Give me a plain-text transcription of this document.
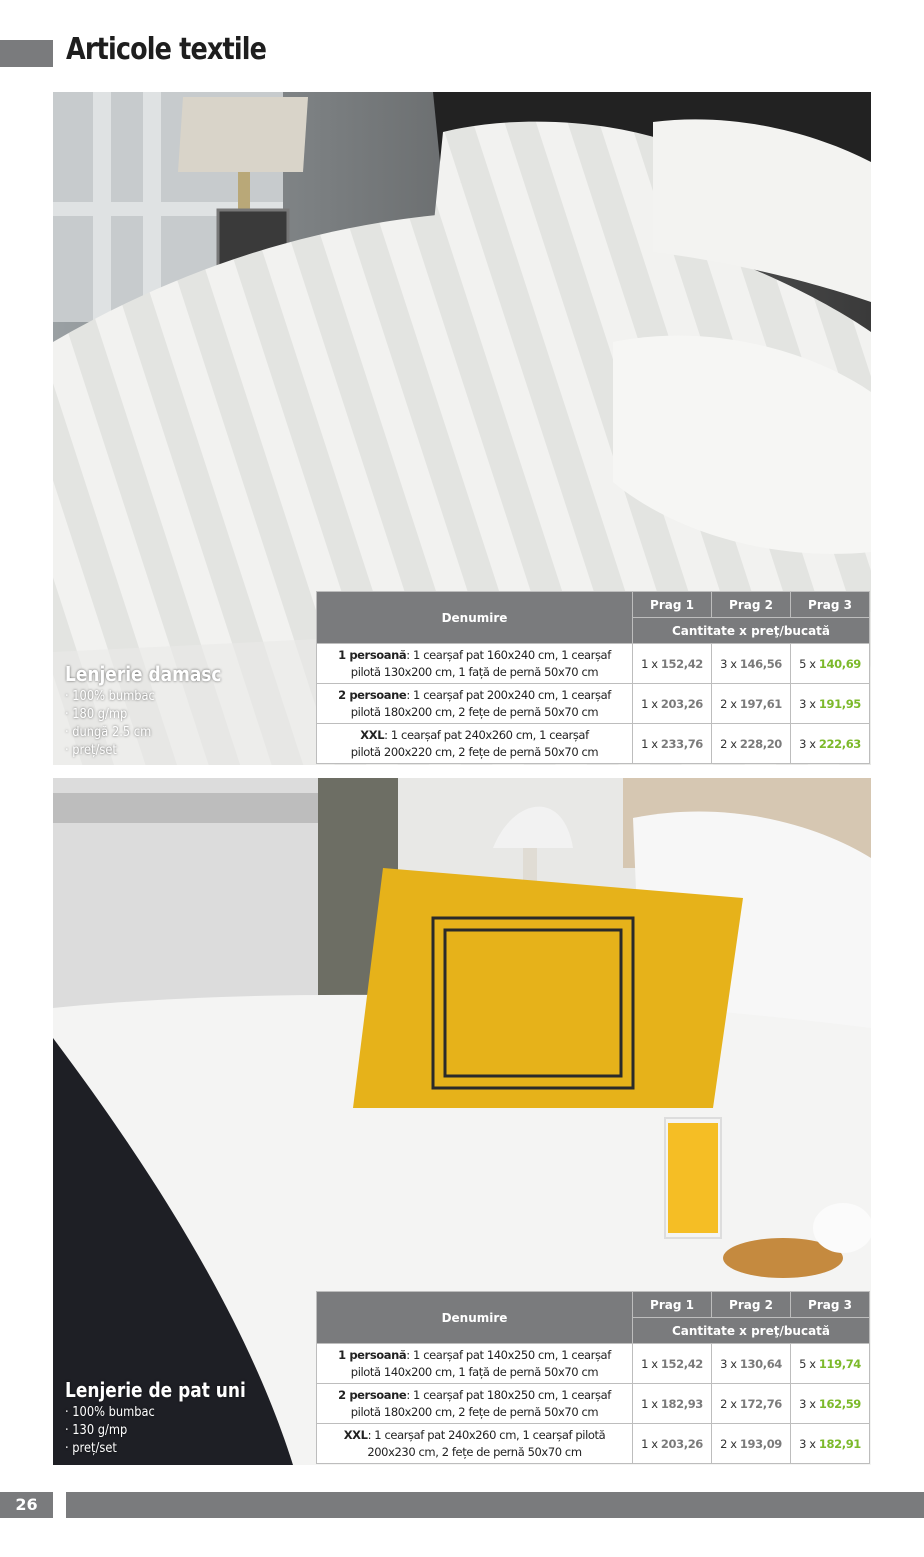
Articole textile
Lenjerie damasc
· 100% bumbac
· 180 g/mp
· dungă 2.5 cm
· preț/set
Denumire	Prag 1	Prag 2	Prag 3
	Cantitate x preţ/bucată		
1 persoană: 1 cearșaf pat 160x240 cm, 1 cearșaf
pilotă 130x200 cm, 1 față de pernă 50x70 cm	1 x 152,42	3 x 146,56	5 x 140,69
2 persoane: 1 cearșaf pat 200x240 cm, 1 cearșaf
pilotă 180x200 cm, 2 fețe de pernă 50x70 cm	1 x 203,26	2 x 197,61	3 x 191,95
XXL: 1 cearșaf pat 240x260 cm, 1 cearșaf
pilotă 200x220 cm, 2 fețe de pernă 50x70 cm	1 x 233,76	2 x 228,20	3 x 222,63
Lenjerie de pat uni
· 100% bumbac
· 130 g/mp
· preț/set
Denumire	Prag 1	Prag 2	Prag 3
	Cantitate x preţ/bucată		
1 persoană: 1 cearșaf pat 140x250 cm, 1 cearșaf
pilotă 140x200 cm, 1 față de pernă 50x70 cm	1 x 152,42	3 x 130,64	5 x 119,74
2 persoane: 1 cearșaf pat 180x250 cm, 1 cearșaf
pilotă 180x200 cm, 2 fețe de pernă 50x70 cm	1 x 182,93	2 x 172,76	3 x 162,59
XXL: 1 cearșaf pat 240x260 cm, 1 cearșaf pilotă
200x230 cm, 2 fețe de pernă 50x70 cm	1 x 203,26	2 x 193,09	3 x 182,91
26
